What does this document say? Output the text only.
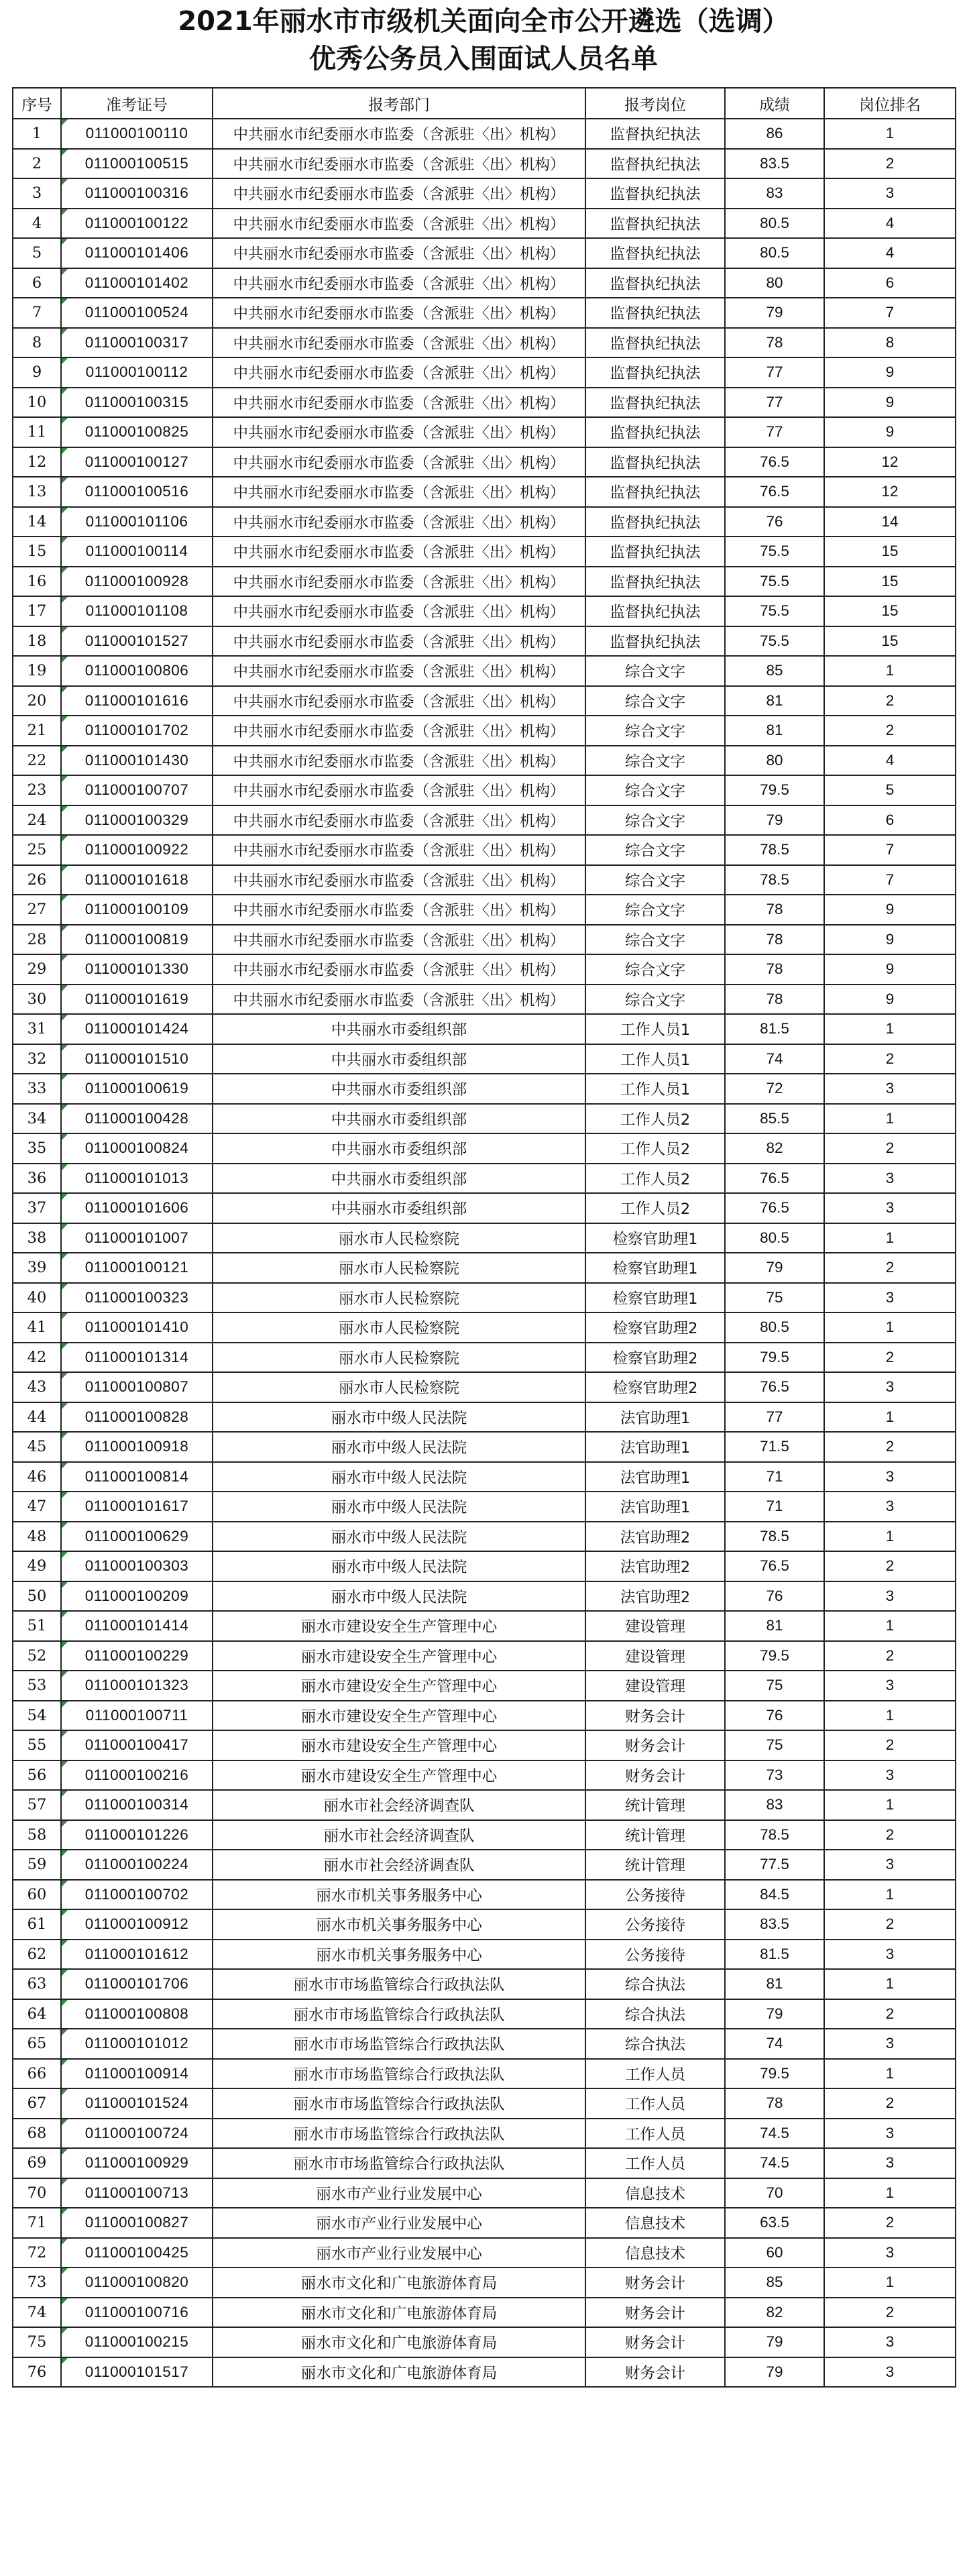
2021年丽水市市级机关面向全市公开遴选（选调）
优秀公务员入围面试人员名单
序号	准考证号	报考部门	报考岗位	成绩	岗位排名
1	011000100110	中共丽水市纪委丽水市监委（含派驻〈出〉机构）	监督执纪执法	86	1
2	011000100515	中共丽水市纪委丽水市监委（含派驻〈出〉机构）	监督执纪执法	83.5	2
3	011000100316	中共丽水市纪委丽水市监委（含派驻〈出〉机构）	监督执纪执法	83	3
4	011000100122	中共丽水市纪委丽水市监委（含派驻〈出〉机构）	监督执纪执法	80.5	4
5	011000101406	中共丽水市纪委丽水市监委（含派驻〈出〉机构）	监督执纪执法	80.5	4
6	011000101402	中共丽水市纪委丽水市监委（含派驻〈出〉机构）	监督执纪执法	80	6
7	011000100524	中共丽水市纪委丽水市监委（含派驻〈出〉机构）	监督执纪执法	79	7
8	011000100317	中共丽水市纪委丽水市监委（含派驻〈出〉机构）	监督执纪执法	78	8
9	011000100112	中共丽水市纪委丽水市监委（含派驻〈出〉机构）	监督执纪执法	77	9
10	011000100315	中共丽水市纪委丽水市监委（含派驻〈出〉机构）	监督执纪执法	77	9
11	011000100825	中共丽水市纪委丽水市监委（含派驻〈出〉机构）	监督执纪执法	77	9
12	011000100127	中共丽水市纪委丽水市监委（含派驻〈出〉机构）	监督执纪执法	76.5	12
13	011000100516	中共丽水市纪委丽水市监委（含派驻〈出〉机构）	监督执纪执法	76.5	12
14	011000101106	中共丽水市纪委丽水市监委（含派驻〈出〉机构）	监督执纪执法	76	14
15	011000100114	中共丽水市纪委丽水市监委（含派驻〈出〉机构）	监督执纪执法	75.5	15
16	011000100928	中共丽水市纪委丽水市监委（含派驻〈出〉机构）	监督执纪执法	75.5	15
17	011000101108	中共丽水市纪委丽水市监委（含派驻〈出〉机构）	监督执纪执法	75.5	15
18	011000101527	中共丽水市纪委丽水市监委（含派驻〈出〉机构）	监督执纪执法	75.5	15
19	011000100806	中共丽水市纪委丽水市监委（含派驻〈出〉机构）	综合文字	85	1
20	011000101616	中共丽水市纪委丽水市监委（含派驻〈出〉机构）	综合文字	81	2
21	011000101702	中共丽水市纪委丽水市监委（含派驻〈出〉机构）	综合文字	81	2
22	011000101430	中共丽水市纪委丽水市监委（含派驻〈出〉机构）	综合文字	80	4
23	011000100707	中共丽水市纪委丽水市监委（含派驻〈出〉机构）	综合文字	79.5	5
24	011000100329	中共丽水市纪委丽水市监委（含派驻〈出〉机构）	综合文字	79	6
25	011000100922	中共丽水市纪委丽水市监委（含派驻〈出〉机构）	综合文字	78.5	7
26	011000101618	中共丽水市纪委丽水市监委（含派驻〈出〉机构）	综合文字	78.5	7
27	011000100109	中共丽水市纪委丽水市监委（含派驻〈出〉机构）	综合文字	78	9
28	011000100819	中共丽水市纪委丽水市监委（含派驻〈出〉机构）	综合文字	78	9
29	011000101330	中共丽水市纪委丽水市监委（含派驻〈出〉机构）	综合文字	78	9
30	011000101619	中共丽水市纪委丽水市监委（含派驻〈出〉机构）	综合文字	78	9
31	011000101424	中共丽水市委组织部	工作人员1	81.5	1
32	011000101510	中共丽水市委组织部	工作人员1	74	2
33	011000100619	中共丽水市委组织部	工作人员1	72	3
34	011000100428	中共丽水市委组织部	工作人员2	85.5	1
35	011000100824	中共丽水市委组织部	工作人员2	82	2
36	011000101013	中共丽水市委组织部	工作人员2	76.5	3
37	011000101606	中共丽水市委组织部	工作人员2	76.5	3
38	011000101007	丽水市人民检察院	检察官助理1	80.5	1
39	011000100121	丽水市人民检察院	检察官助理1	79	2
40	011000100323	丽水市人民检察院	检察官助理1	75	3
41	011000101410	丽水市人民检察院	检察官助理2	80.5	1
42	011000101314	丽水市人民检察院	检察官助理2	79.5	2
43	011000100807	丽水市人民检察院	检察官助理2	76.5	3
44	011000100828	丽水市中级人民法院	法官助理1	77	1
45	011000100918	丽水市中级人民法院	法官助理1	71.5	2
46	011000100814	丽水市中级人民法院	法官助理1	71	3
47	011000101617	丽水市中级人民法院	法官助理1	71	3
48	011000100629	丽水市中级人民法院	法官助理2	78.5	1
49	011000100303	丽水市中级人民法院	法官助理2	76.5	2
50	011000100209	丽水市中级人民法院	法官助理2	76	3
51	011000101414	丽水市建设安全生产管理中心	建设管理	81	1
52	011000100229	丽水市建设安全生产管理中心	建设管理	79.5	2
53	011000101323	丽水市建设安全生产管理中心	建设管理	75	3
54	011000100711	丽水市建设安全生产管理中心	财务会计	76	1
55	011000100417	丽水市建设安全生产管理中心	财务会计	75	2
56	011000100216	丽水市建设安全生产管理中心	财务会计	73	3
57	011000100314	丽水市社会经济调查队	统计管理	83	1
58	011000101226	丽水市社会经济调查队	统计管理	78.5	2
59	011000100224	丽水市社会经济调查队	统计管理	77.5	3
60	011000100702	丽水市机关事务服务中心	公务接待	84.5	1
61	011000100912	丽水市机关事务服务中心	公务接待	83.5	2
62	011000101612	丽水市机关事务服务中心	公务接待	81.5	3
63	011000101706	丽水市市场监管综合行政执法队	综合执法	81	1
64	011000100808	丽水市市场监管综合行政执法队	综合执法	79	2
65	011000101012	丽水市市场监管综合行政执法队	综合执法	74	3
66	011000100914	丽水市市场监管综合行政执法队	工作人员	79.5	1
67	011000101524	丽水市市场监管综合行政执法队	工作人员	78	2
68	011000100724	丽水市市场监管综合行政执法队	工作人员	74.5	3
69	011000100929	丽水市市场监管综合行政执法队	工作人员	74.5	3
70	011000100713	丽水市产业行业发展中心	信息技术	70	1
71	011000100827	丽水市产业行业发展中心	信息技术	63.5	2
72	011000100425	丽水市产业行业发展中心	信息技术	60	3
73	011000100820	丽水市文化和广电旅游体育局	财务会计	85	1
74	011000100716	丽水市文化和广电旅游体育局	财务会计	82	2
75	011000100215	丽水市文化和广电旅游体育局	财务会计	79	3
76	011000101517	丽水市文化和广电旅游体育局	财务会计	79	3
